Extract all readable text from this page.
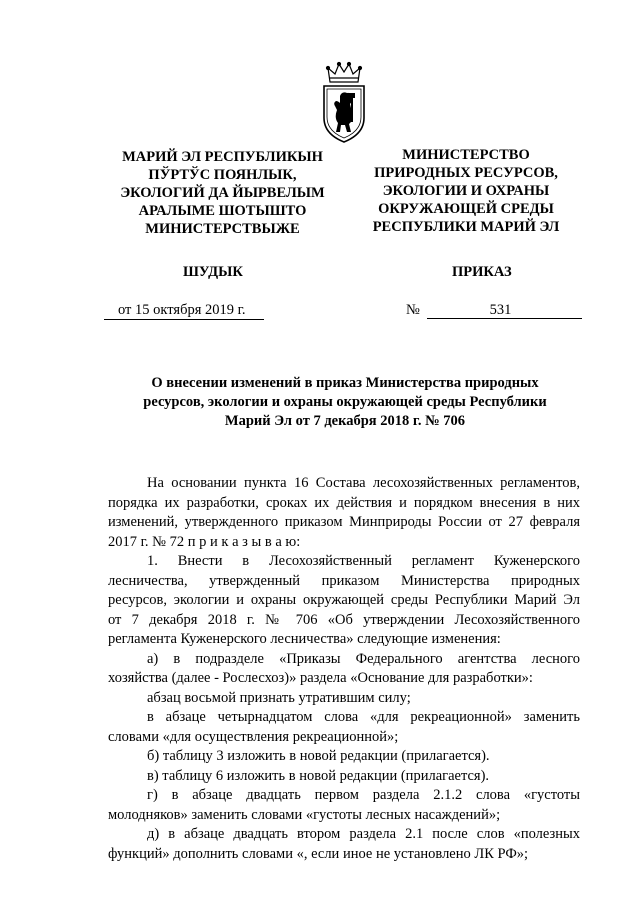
МАРИЙ ЭЛ РЕСПУБЛИКЫН
ПЎРТЎС ПОЯНЛЫК,
ЭКОЛОГИЙ ДА ЙЫРВЕЛЫМ
АРАЛЫМЕ ШОТЫШТО
МИНИСТЕРСТВЫЖЕ
МИНИСТЕРСТВО
ПРИРОДНЫХ РЕСУРСОВ,
ЭКОЛОГИИ И ОХРАНЫ
ОКРУЖАЮЩЕЙ СРЕДЫ
РЕСПУБЛИКИ МАРИЙ ЭЛ
ШУДЫК	ПРИКАЗ
от 15 октября 2019 г.	№	531
О внесении изменений в приказ Министерства природных
ресурсов, экологии и охраны окружающей среды Республики
Марий Эл от 7 декабря 2018 г. № 706
На основании пункта 16 Состава лесохозяйственных регламентов,
порядка их разработки, сроках их действия и порядком внесения в них
изменений, утвержденного приказом Минприроды России от 27 февраля
2017 г. № 72 п р и к а з ы в а ю:
1. Внести в Лесохозяйственный регламент Куженерского
лесничества, утвержденный приказом Министерства природных
ресурсов, экологии и охраны окружающей среды Республики Марий Эл
от 7 декабря 2018 г. № 706 «Об утверждении Лесохозяйственного
регламента Куженерского лесничества» следующие изменения:
а) в подразделе «Приказы Федерального агентства лесного
хозяйства (далее - Рослесхоз)» раздела «Основание для разработки»:
абзац восьмой признать утратившим силу;
в абзаце четырнадцатом слова «для рекреационной» заменить
словами «для осуществления рекреационной»;
б) таблицу 3 изложить в новой редакции (прилагается).
в) таблицу 6 изложить в новой редакции (прилагается).
г) в абзаце двадцать первом раздела 2.1.2 слова «густоты
молодняков» заменить словами «густоты лесных насаждений»;
д) в абзаце двадцать втором раздела 2.1 после слов «полезных
функций» дополнить словами «, если иное не установлено ЛК РФ»;
